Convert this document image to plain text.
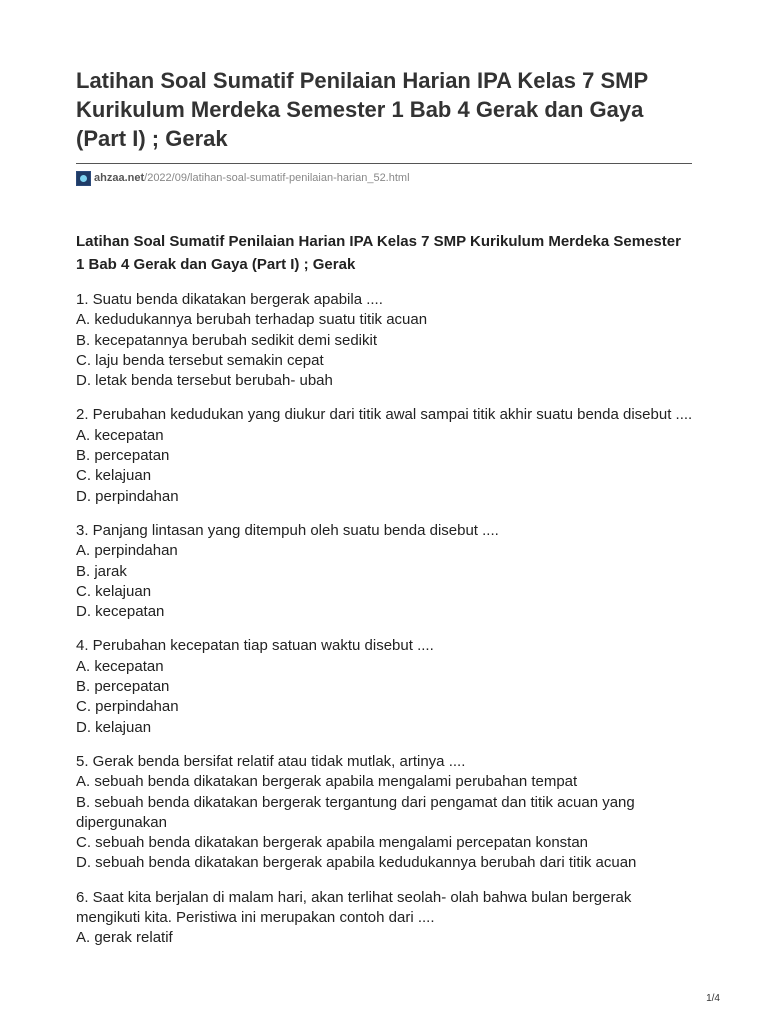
Latihan Soal Sumatif Penilaian Harian IPA Kelas 7 SMP Kurikulum Merdeka Semester 1 Bab 4 Gerak dan Gaya (Part I) ; Gerak
ahzaa.net/2022/09/latihan-soal-sumatif-penilaian-harian_52.html
Latihan Soal Sumatif Penilaian Harian IPA Kelas 7 SMP Kurikulum Merdeka Semester 1 Bab 4 Gerak dan Gaya (Part I) ; Gerak
1. Suatu benda dikatakan bergerak apabila ....
A. kedudukannya berubah terhadap suatu titik acuan
B. kecepatannya berubah sedikit demi sedikit
C. laju benda tersebut semakin cepat
D. letak benda tersebut berubah- ubah
2. Perubahan kedudukan yang diukur dari titik awal sampai titik akhir suatu benda disebut ....
A. kecepatan
B. percepatan
C. kelajuan
D. perpindahan
3. Panjang lintasan yang ditempuh oleh suatu benda disebut ....
A. perpindahan
B. jarak
C. kelajuan
D. kecepatan
4. Perubahan kecepatan tiap satuan waktu disebut ....
A. kecepatan
B. percepatan
C. perpindahan
D. kelajuan
5. Gerak benda bersifat relatif atau tidak mutlak, artinya ....
A. sebuah benda dikatakan bergerak apabila mengalami perubahan tempat
B. sebuah benda dikatakan bergerak tergantung dari pengamat dan titik acuan yang dipergunakan
C. sebuah benda dikatakan bergerak apabila mengalami percepatan konstan
D. sebuah benda dikatakan bergerak apabila kedudukannya berubah dari titik acuan
6. Saat kita berjalan di malam hari, akan terlihat seolah- olah bahwa bulan bergerak mengikuti kita. Peristiwa ini merupakan contoh dari ....
A. gerak relatif
1/4
